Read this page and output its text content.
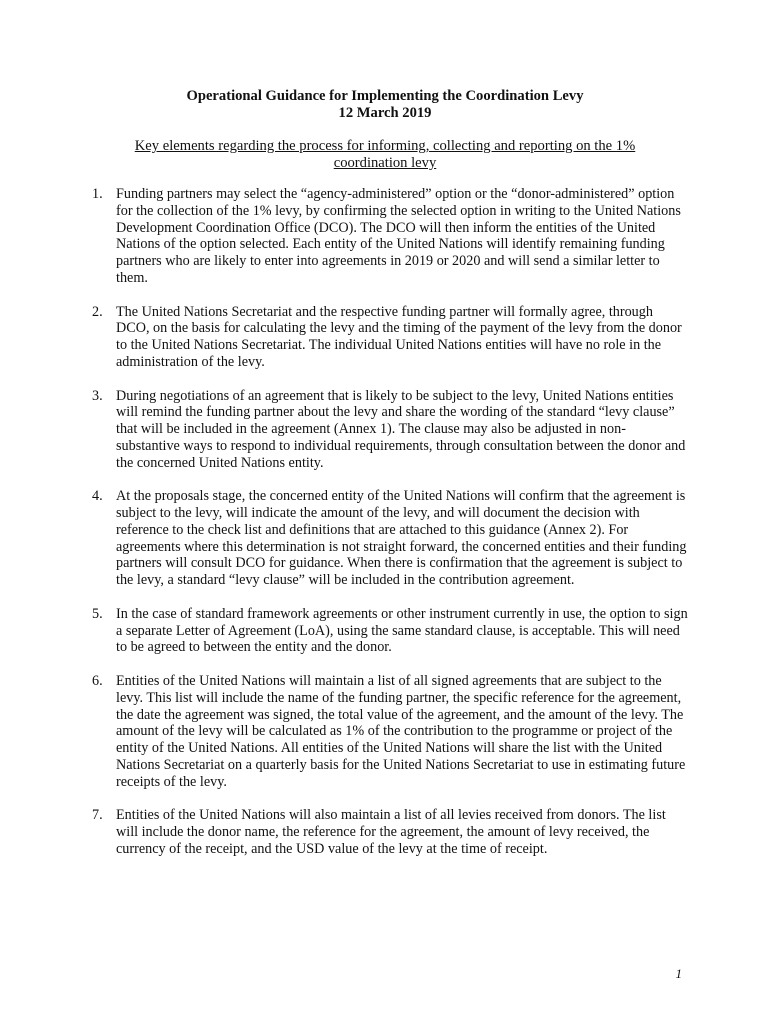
Operational Guidance for Implementing the Coordination Levy
12 March 2019
Key elements regarding the process for informing, collecting and reporting on the 1% coordination levy
1. Funding partners may select the “agency-administered” option or the “donor-administered” option for the collection of the 1% levy, by confirming the selected option in writing to the United Nations Development Coordination Office (DCO). The DCO will then inform the entities of the United Nations of the option selected. Each entity of the United Nations will identify remaining funding partners who are likely to enter into agreements in 2019 or 2020 and will send a similar letter to them.
2. The United Nations Secretariat and the respective funding partner will formally agree, through DCO, on the basis for calculating the levy and the timing of the payment of the levy from the donor to the United Nations Secretariat. The individual United Nations entities will have no role in the administration of the levy.
3. During negotiations of an agreement that is likely to be subject to the levy, United Nations entities will remind the funding partner about the levy and share the wording of the standard “levy clause” that will be included in the agreement (Annex 1). The clause may also be adjusted in non-substantive ways to respond to individual requirements, through consultation between the donor and the concerned United Nations entity.
4. At the proposals stage, the concerned entity of the United Nations will confirm that the agreement is subject to the levy, will indicate the amount of the levy, and will document the decision with reference to the check list and definitions that are attached to this guidance (Annex 2). For agreements where this determination is not straight forward, the concerned entities and their funding partners will consult DCO for guidance. When there is confirmation that the agreement is subject to the levy, a standard “levy clause” will be included in the contribution agreement.
5. In the case of standard framework agreements or other instrument currently in use, the option to sign a separate Letter of Agreement (LoA), using the same standard clause, is acceptable. This will need to be agreed to between the entity and the donor.
6. Entities of the United Nations will maintain a list of all signed agreements that are subject to the levy. This list will include the name of the funding partner, the specific reference for the agreement, the date the agreement was signed, the total value of the agreement, and the amount of the levy. The amount of the levy will be calculated as 1% of the contribution to the programme or project of the entity of the United Nations. All entities of the United Nations will share the list with the United Nations Secretariat on a quarterly basis for the United Nations Secretariat to use in estimating future receipts of the levy.
7. Entities of the United Nations will also maintain a list of all levies received from donors. The list will include the donor name, the reference for the agreement, the amount of levy received, the currency of the receipt, and the USD value of the levy at the time of receipt.
1
